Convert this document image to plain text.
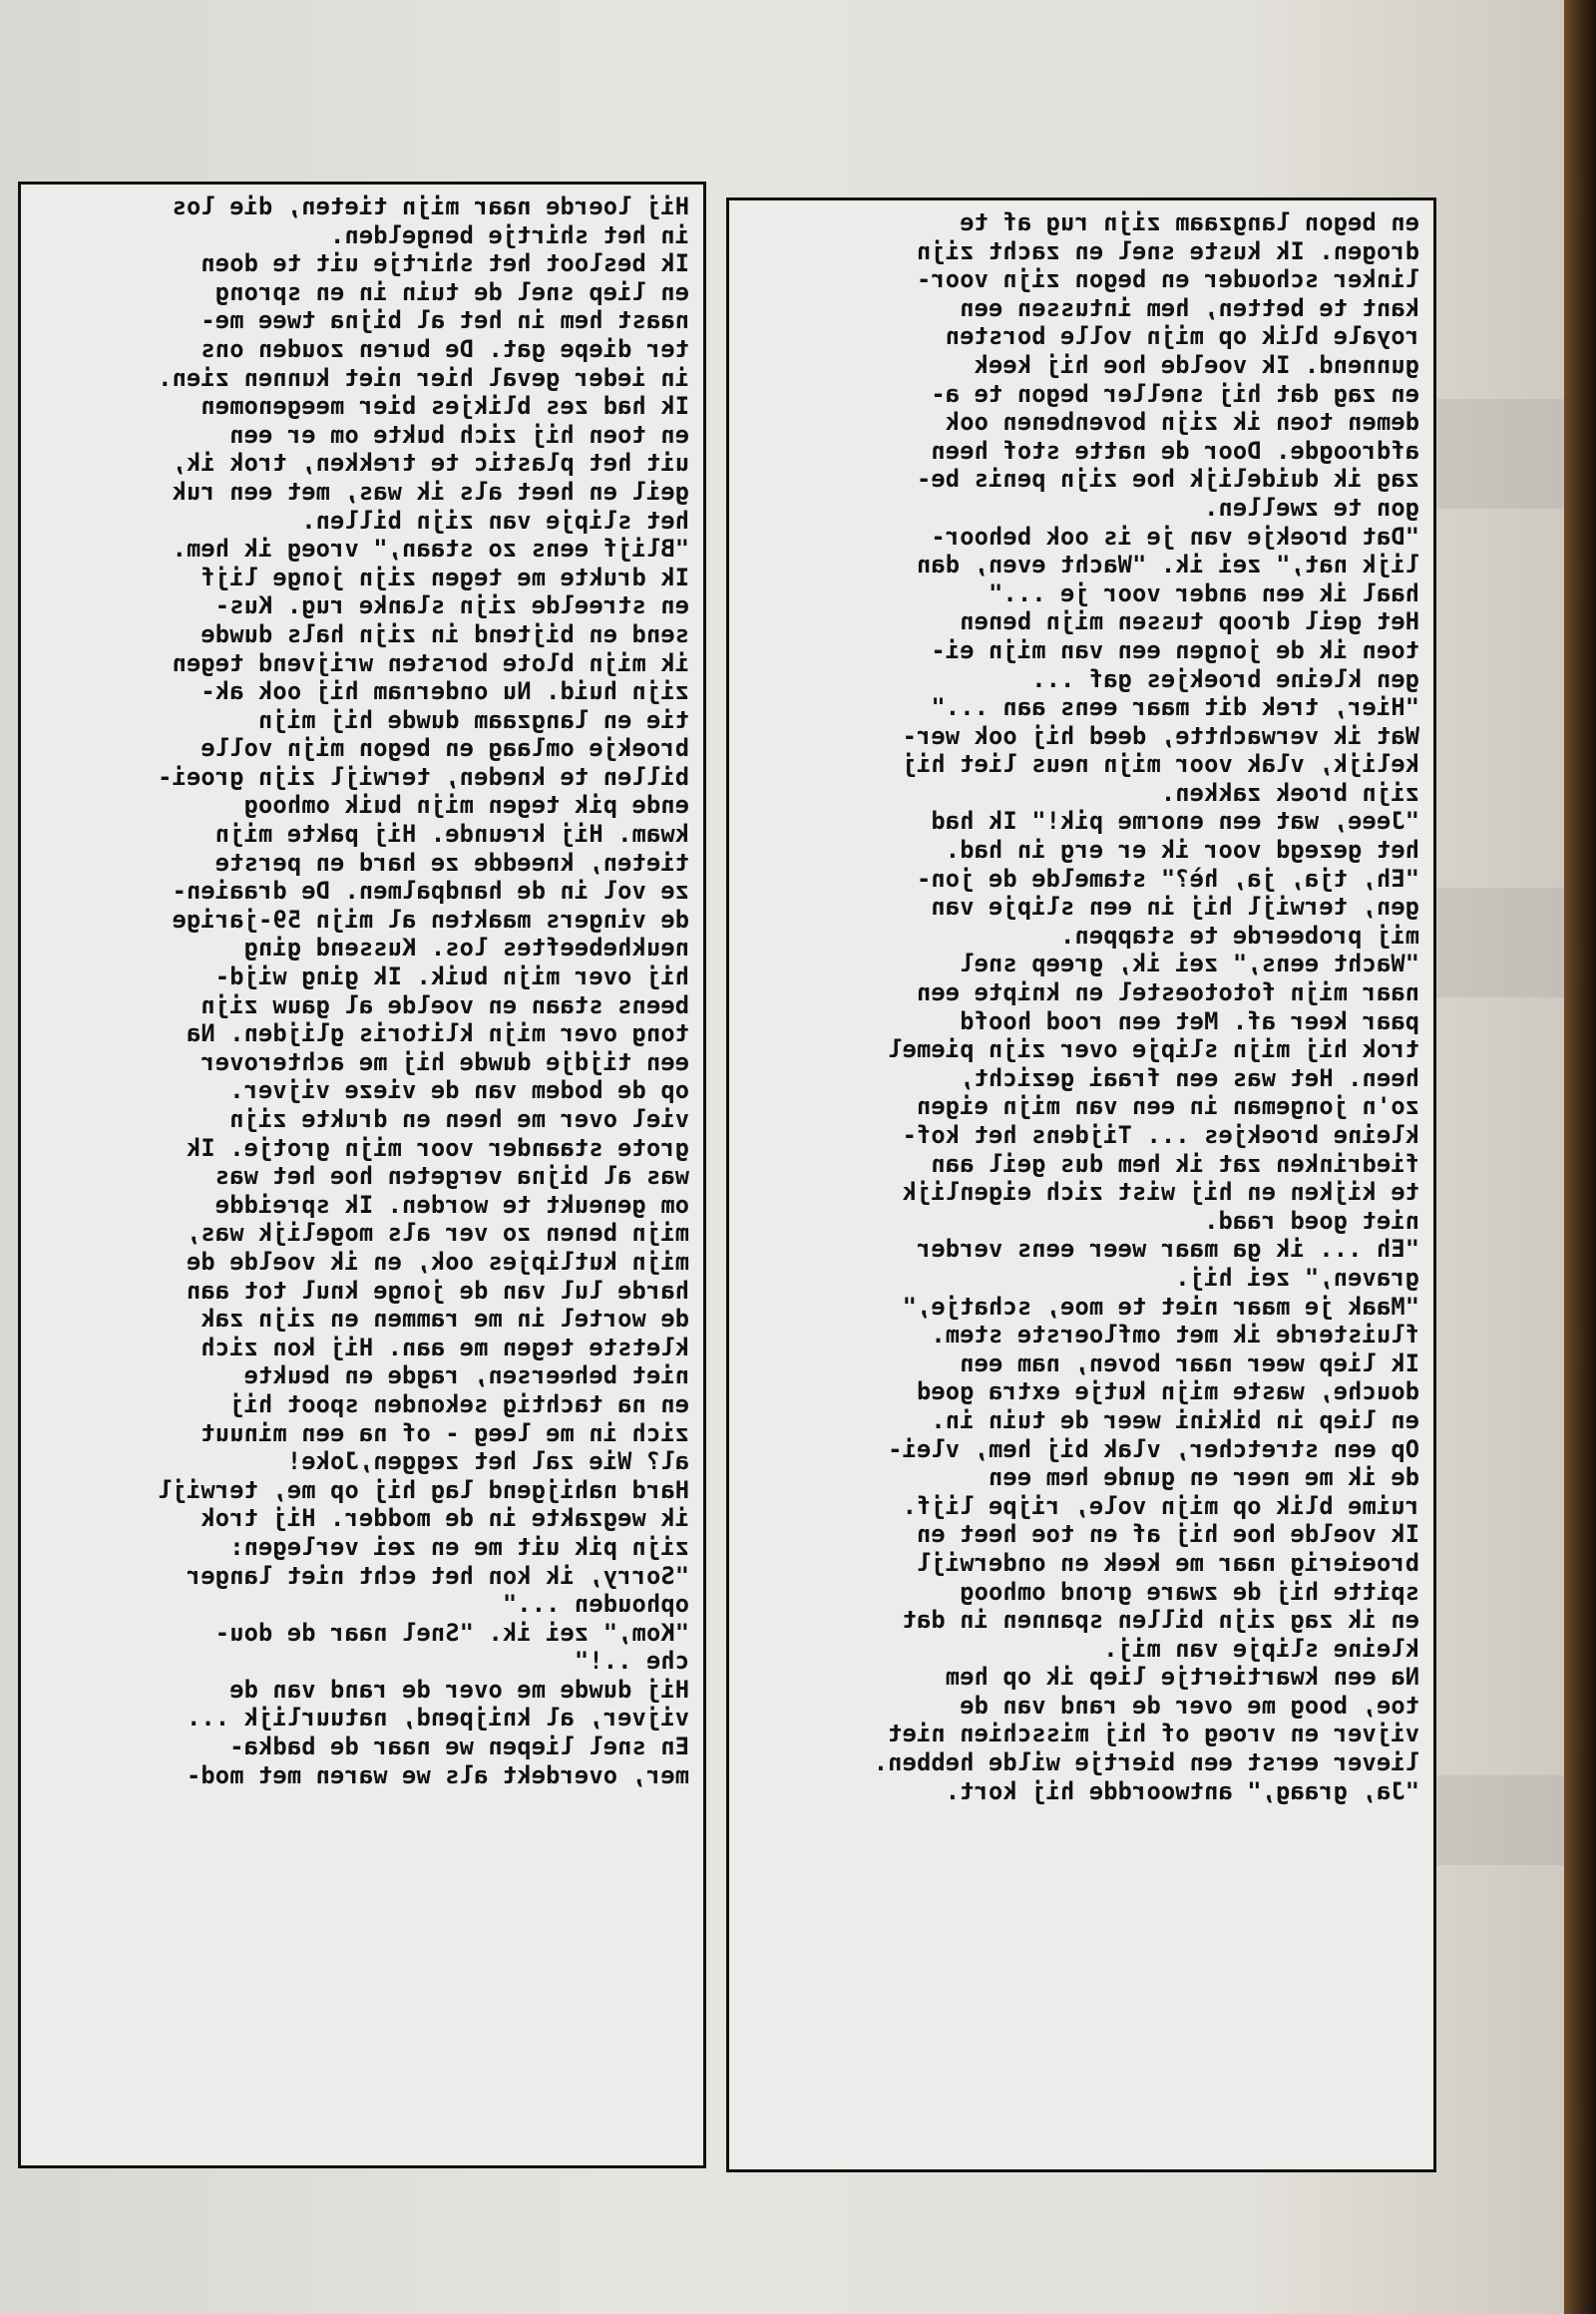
Hij loerde naar mijn tieten, die los
in het shirtje bengelden.
Ik besloot het shirtje uit te doen
en liep snel de tuin in en sprong
naast hem in het al bijna twee me-
ter diepe gat. De buren zouden ons
in ieder geval hier niet kunnen zien.
Ik had zes blikjes bier meegenomen
en toen hij zich bukte om er een
uit het plastic te trekken, trok ik,
geil en heet als ik was, met een ruk
het slipje van zijn billen.
"Blijf eens zo staan," vroeg ik hem.
Ik drukte me tegen zijn jonge lijf
en streelde zijn slanke rug. Kus-
send en bijtend in zijn hals duwde
ik mijn blote borsten wrijvend tegen
zijn huid. Nu ondernam hij ook ak-
tie en langzaam duwde hij mijn
broekje omlaag en begon mijn volle
billen te kneden, terwijl zijn groei-
ende pik tegen mijn buik omhoog
kwam. Hij kreunde. Hij pakte mijn
tieten, kneedde ze hard en perste
ze vol in de handpalmen. De draaien-
de vingers maakten al mijn 59-jarige
neukhebeeftes los. Kussend ging
hij over mijn buik. Ik ging wijd-
beens staan en voelde al gauw zijn
tong over mijn klitoris glijden. Na
een tijdje duwde hij me achterover
op de bodem van de vieze vijver.
viel over me heen en drukte zijn
grote staander voor mijn grotje. Ik
was al bijna vergeten hoe het was
om geneukt te worden. Ik spreidde
mijn benen zo ver als mogelijk was,
mijn kutlipjes ook, en ik voelde de
harde lul van de jonge knul tot aan
de wortel in me rammen en zijn zak
kletste tegen me aan. Hij kon zich
niet beheersen, ragde en beukte
en na tachtig sekonden spoot hij
zich in me leeg - of na een minuut
al? Wie zal het zeggen,Joke!
Hard nahijgend lag hij op me, terwijl
ik wegzakte in de modder. Hij trok
zijn pik uit me en zei verlegen:
"Sorry, ik kon het echt niet langer
ophouden ..."
"Kom," zei ik. "Snel naar de dou-
che ..!"
Hij duwde me over de rand van de
vijver, al knijpend, natuurlijk ...
En snel liepen we naar de badka-
mer, overdekt als we waren met mod-
en begon langzaam zijn rug af te
drogen. Ik kuste snel en zacht zijn
linker schouder en begon zijn voor-
kant te betten, hem intussen een
royale blik op mijn volle borsten
gunnend. Ik voelde hoe hij keek
en zag dat hij sneller begon te a-
demen toen ik zijn bovenbenen ook
afdroogde. Door de natte stof heen
zag ik duidelijk hoe zijn penis be-
gon te zwellen.
"Dat broekje van je is ook behoor-
lijk nat," zei ik. "Wacht even, dan
haal ik een ander voor je ..."
Het geil droop tussen mijn benen
toen ik de jongen een van mijn ei-
gen kleine broekjes gaf ...
"Hier, trek dit maar eens aan ..."
Wat ik verwachtte, deed hij ook wer-
kelijk, vlak voor mijn neus liet hij
zijn broek zakken.
"Jeee, wat een enorme pik!" Ik had
het gezegd voor ik er erg in had.
"Eh, tja, ja, hè?" stamelde de jon-
gen, terwijl hij in een slipje van
mij probeerde te stappen.
"Wacht eens," zei ik, greep snel
naar mijn fototoestel en knipte een
paar keer af. Met een rood hoofd
trok hij mijn slipje over zijn piemel
heen. Het was een fraai gezicht,
zo'n jongeman in een van mijn eigen
kleine broekjes ... Tijdens het kof-
fiedrinken zat ik hem dus geil aan
te kijken en hij wist zich eigenlijk
niet goed raad.
"Eh ... ik ga maar weer eens verder
graven," zei hij.
"Maak je maar niet te moe, schatje,"
fluisterde ik met omfloerste stem.
Ik liep weer naar boven, nam een
douche, waste mijn kutje extra goed
en liep in bikini weer de tuin in.
Op een stretcher, vlak bij hem, vlei-
de ik me neer en gunde hem een
ruime blik op mijn vole, rijpe lijf.
Ik voelde hoe hij af en toe heet en
broeierig naar me keek en onderwijl
spitte hij de zware grond omhoog
en ik zag zijn billen spannen in dat
kleine slipje van mij.
Na een kwartiertje liep ik op hem
toe, boog me over de rand van de
vijver en vroeg of hij misschien niet
liever eerst een biertje wilde hebben.
"Ja, graag," antwoordde hij kort.
